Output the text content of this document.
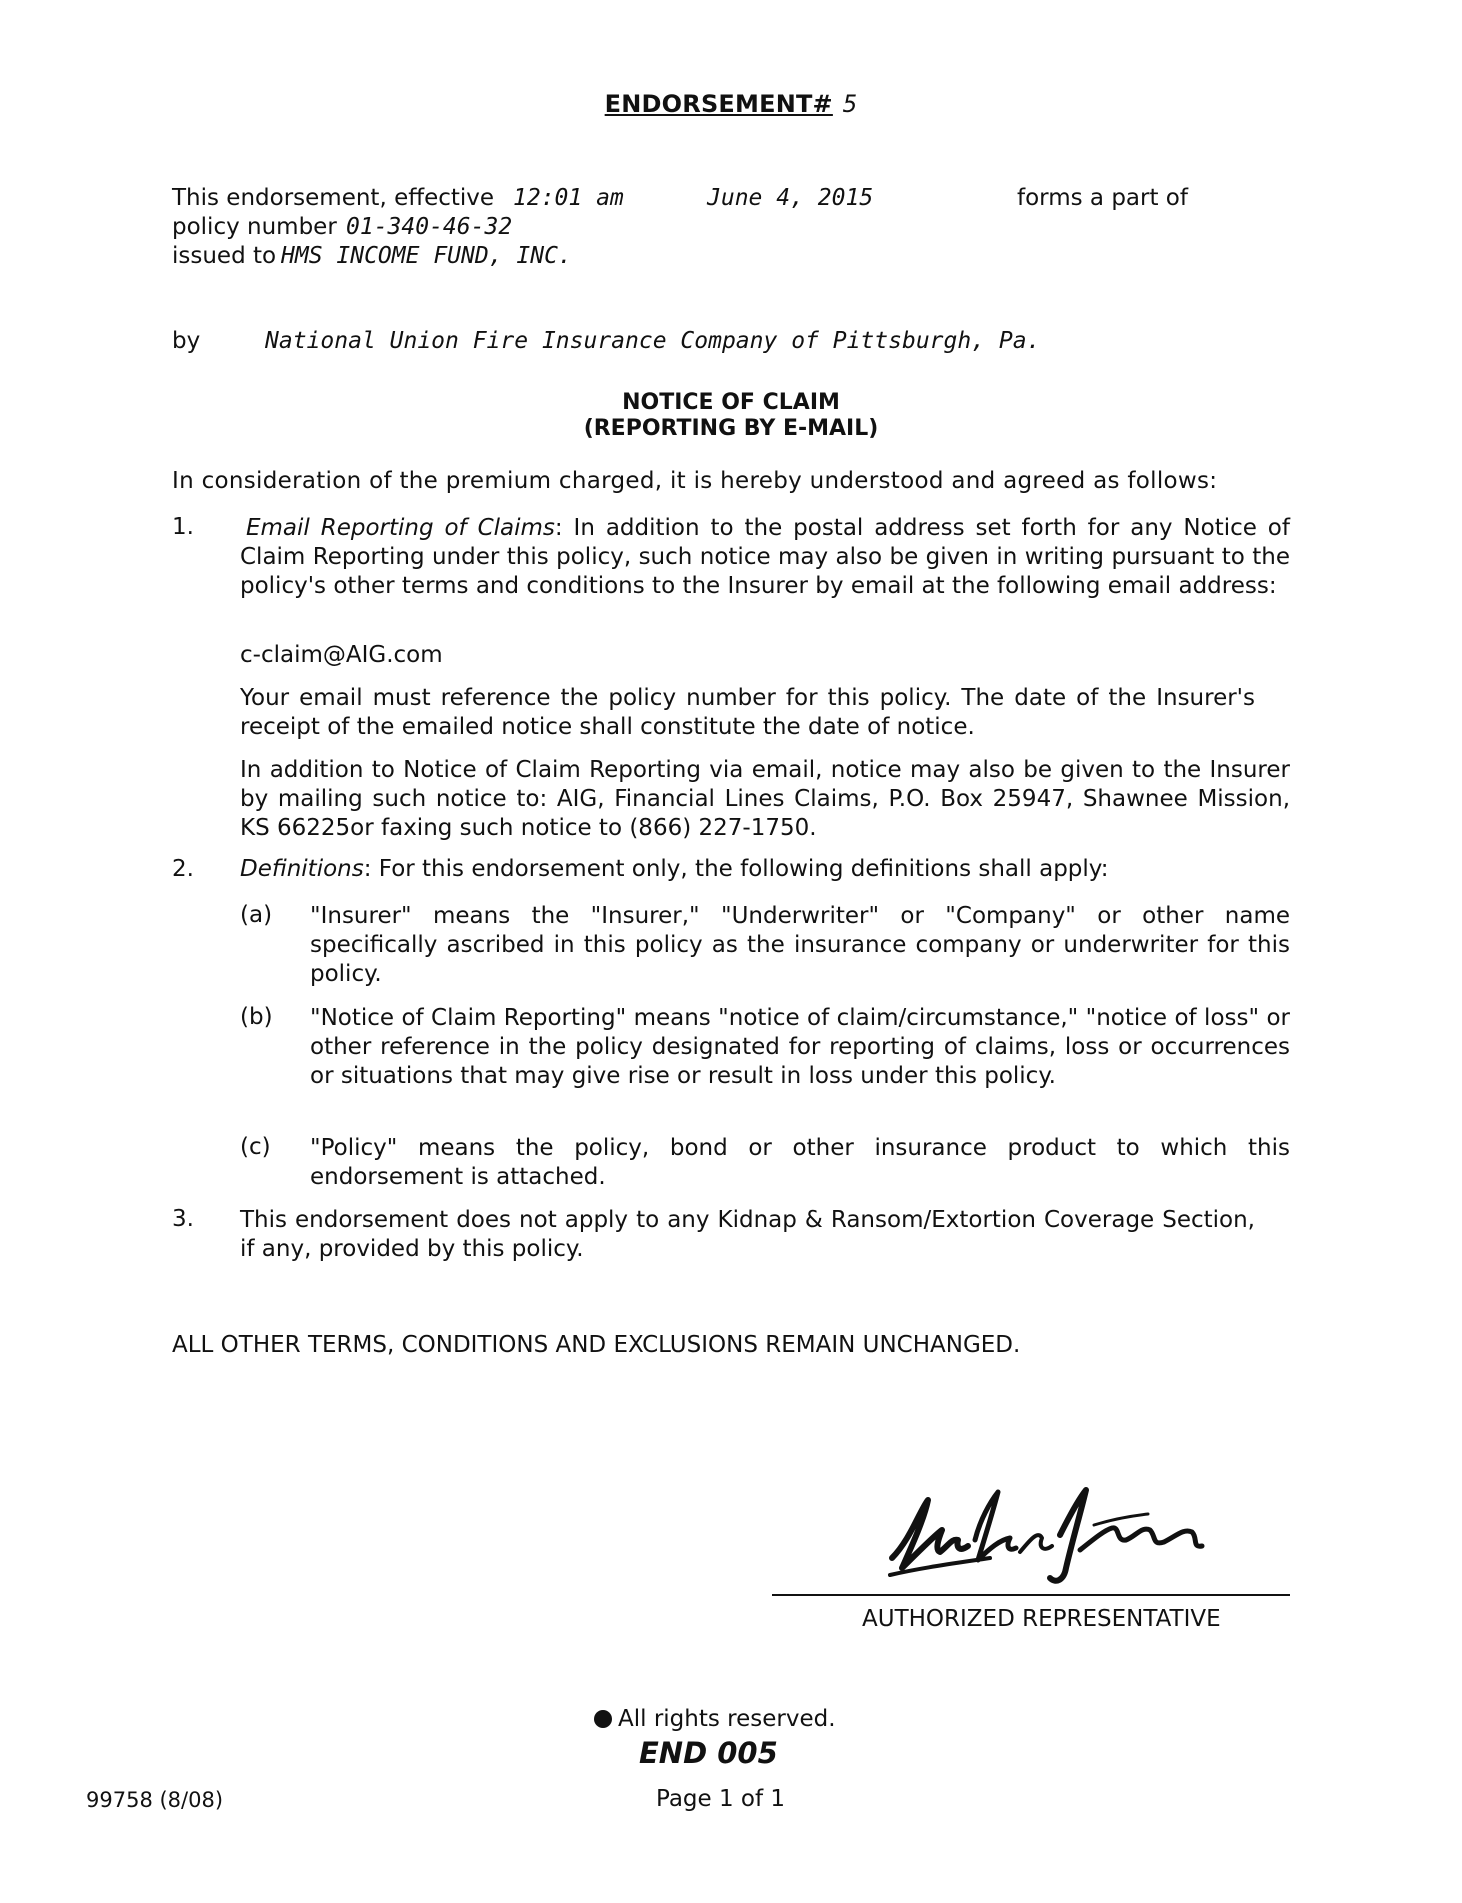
ENDORSEMENT# 5
This endorsement, effective 12:01 am	June 4, 2015	forms a part of
policy number 01-340-46-32
issued to HMS INCOME FUND, INC.
by	National Union Fire Insurance Company of Pittsburgh, Pa.
NOTICE OF CLAIM
(REPORTING BY E-MAIL)
In consideration of the premium charged, it is hereby understood and agreed as follows:
1. Email Reporting of Claims: In addition to the postal address set forth for any Notice of Claim Reporting under this policy, such notice may also be given in writing pursuant to the policy's other terms and conditions to the Insurer by email at the following email address:
c-claim@AIG.com
Your email must reference the policy number for this policy. The date of the Insurer's receipt of the emailed notice shall constitute the date of notice.
In addition to Notice of Claim Reporting via email, notice may also be given to the Insurer by mailing such notice to: AIG, Financial Lines Claims, P.O. Box 25947, Shawnee Mission, KS 66225or faxing such notice to (866) 227-1750.
2. Definitions: For this endorsement only, the following definitions shall apply:
(a) "Insurer" means the "Insurer," "Underwriter" or "Company" or other name specifically ascribed in this policy as the insurance company or underwriter for this policy.
(b) "Notice of Claim Reporting" means "notice of claim/circumstance," "notice of loss" or other reference in the policy designated for reporting of claims, loss or occurrences or situations that may give rise or result in loss under this policy.
(c) "Policy" means the policy, bond or other insurance product to which this endorsement is attached.
3. This endorsement does not apply to any Kidnap & Ransom/Extortion Coverage Section, if any, provided by this policy.
ALL OTHER TERMS, CONDITIONS AND EXCLUSIONS REMAIN UNCHANGED.
AUTHORIZED REPRESENTATIVE
All rights reserved.
END 005
99758 (8/08)	Page 1 of 1
